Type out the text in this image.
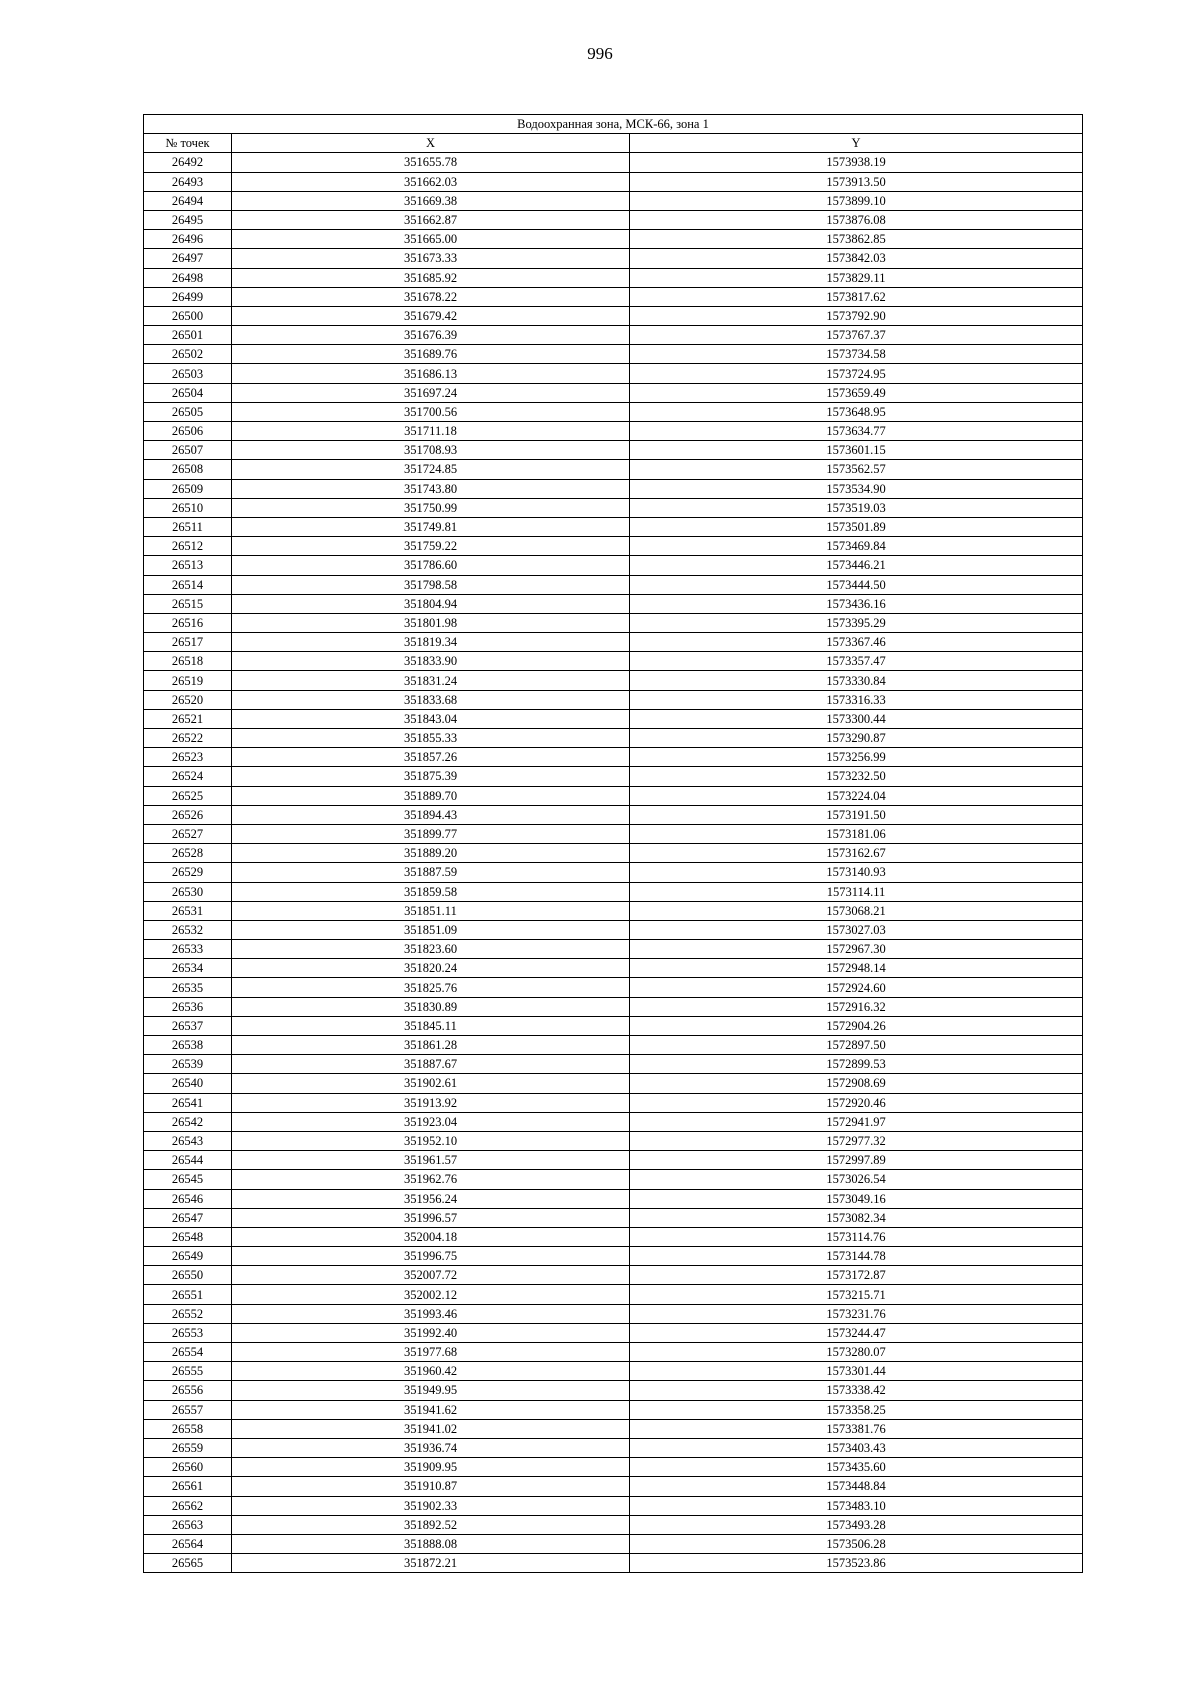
996
Водоохранная зона, МСК-66, зона 1		
№ точек	X	Y
26492	351655.78	1573938.19
26493	351662.03	1573913.50
26494	351669.38	1573899.10
26495	351662.87	1573876.08
26496	351665.00	1573862.85
26497	351673.33	1573842.03
26498	351685.92	1573829.11
26499	351678.22	1573817.62
26500	351679.42	1573792.90
26501	351676.39	1573767.37
26502	351689.76	1573734.58
26503	351686.13	1573724.95
26504	351697.24	1573659.49
26505	351700.56	1573648.95
26506	351711.18	1573634.77
26507	351708.93	1573601.15
26508	351724.85	1573562.57
26509	351743.80	1573534.90
26510	351750.99	1573519.03
26511	351749.81	1573501.89
26512	351759.22	1573469.84
26513	351786.60	1573446.21
26514	351798.58	1573444.50
26515	351804.94	1573436.16
26516	351801.98	1573395.29
26517	351819.34	1573367.46
26518	351833.90	1573357.47
26519	351831.24	1573330.84
26520	351833.68	1573316.33
26521	351843.04	1573300.44
26522	351855.33	1573290.87
26523	351857.26	1573256.99
26524	351875.39	1573232.50
26525	351889.70	1573224.04
26526	351894.43	1573191.50
26527	351899.77	1573181.06
26528	351889.20	1573162.67
26529	351887.59	1573140.93
26530	351859.58	1573114.11
26531	351851.11	1573068.21
26532	351851.09	1573027.03
26533	351823.60	1572967.30
26534	351820.24	1572948.14
26535	351825.76	1572924.60
26536	351830.89	1572916.32
26537	351845.11	1572904.26
26538	351861.28	1572897.50
26539	351887.67	1572899.53
26540	351902.61	1572908.69
26541	351913.92	1572920.46
26542	351923.04	1572941.97
26543	351952.10	1572977.32
26544	351961.57	1572997.89
26545	351962.76	1573026.54
26546	351956.24	1573049.16
26547	351996.57	1573082.34
26548	352004.18	1573114.76
26549	351996.75	1573144.78
26550	352007.72	1573172.87
26551	352002.12	1573215.71
26552	351993.46	1573231.76
26553	351992.40	1573244.47
26554	351977.68	1573280.07
26555	351960.42	1573301.44
26556	351949.95	1573338.42
26557	351941.62	1573358.25
26558	351941.02	1573381.76
26559	351936.74	1573403.43
26560	351909.95	1573435.60
26561	351910.87	1573448.84
26562	351902.33	1573483.10
26563	351892.52	1573493.28
26564	351888.08	1573506.28
26565	351872.21	1573523.86
